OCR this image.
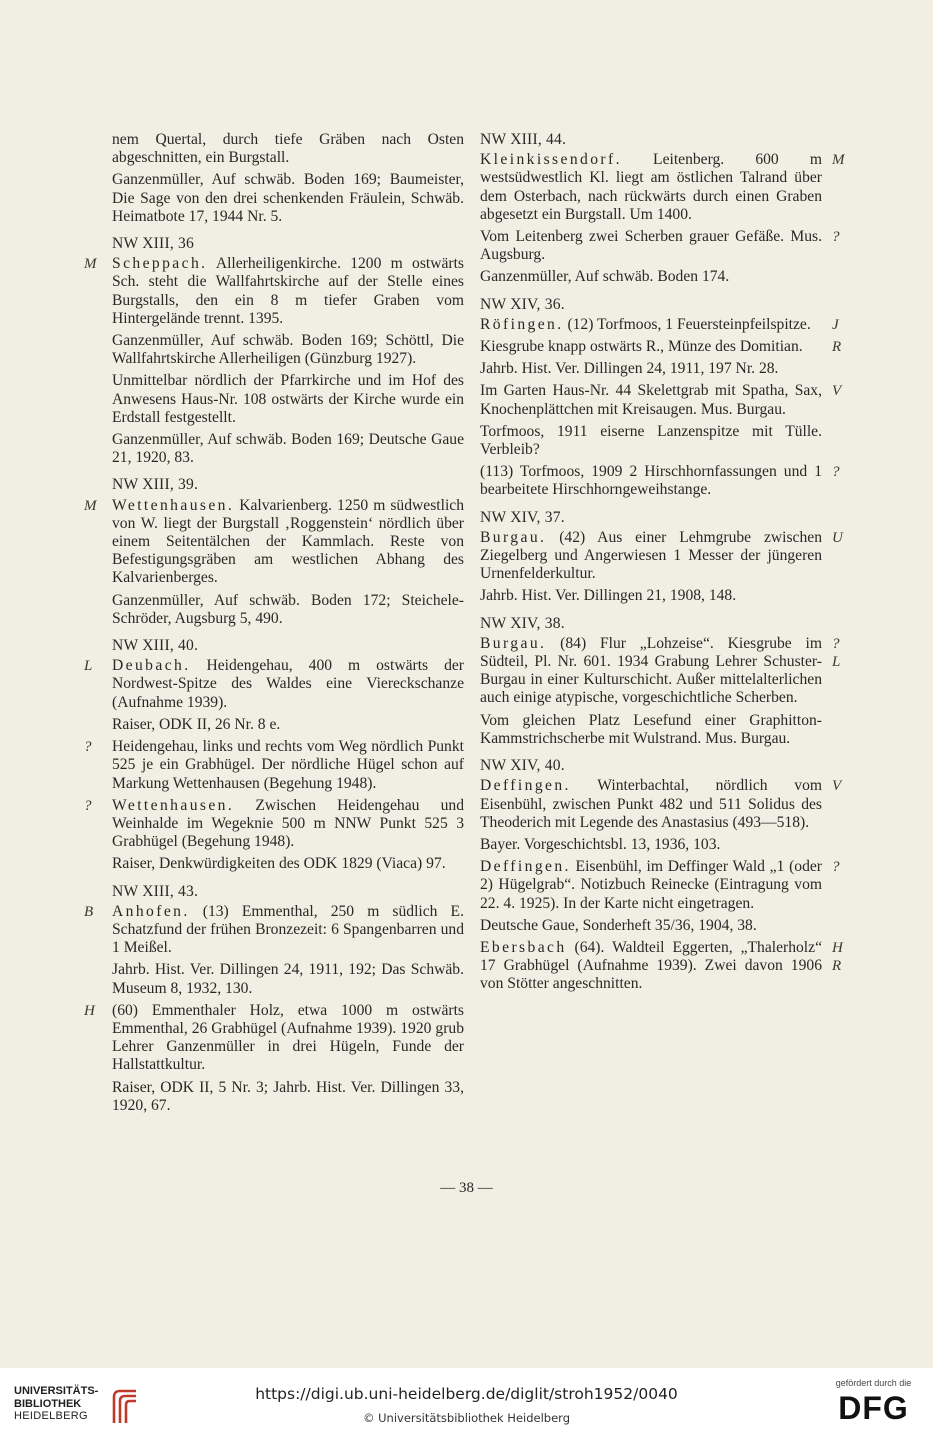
nem Quertal, durch tiefe Gräben nach Osten abgeschnitten, ein Burgstall.

Ganzenmüller, Auf schwäb. Boden 169; Baumeister, Die Sage von den drei schenkenden Fräulein, Schwäb. Heimatbote 17, 1944 Nr. 5.

NW XIII, 36
M Scheppach. Allerheiligenkirche. 1200 m ostwärts Sch. steht die Wallfahrtskirche auf der Stelle eines Burgstalls, den ein 8 m tiefer Graben vom Hintergelände trennt. 1395.

Ganzenmüller, Auf schwäb. Boden 169; Schöttl, Die Wallfahrtskirche Allerheiligen (Günzburg 1927).

Unmittelbar nördlich der Pfarrkirche und im Hof des Anwesens Haus-Nr. 108 ostwärts der Kirche wurde ein Erdstall festgestellt.

Ganzenmüller, Auf schwäb. Boden 169; Deutsche Gaue 21, 1920, 83.

NW XIII, 39.
M Wettenhausen. Kalvarienberg. 1250 m südwestlich von W. liegt der Burgstall ‚Roggenstein‘ nördlich über einem Seitentälchen der Kammlach. Reste von Befestigungsgräben am westlichen Abhang des Kalvarienberges.

Ganzenmüller, Auf schwäb. Boden 172; Steichele-Schröder, Augsburg 5, 490.

NW XIII, 40.
L Deubach. Heidengehau, 400 m ostwärts der Nordwest-Spitze des Waldes eine Viereckschanze (Aufnahme 1939).

Raiser, ODK II, 26 Nr. 8 e.

? Heidengehau, links und rechts vom Weg nördlich Punkt 525 je ein Grabhügel. Der nördliche Hügel schon auf Markung Wettenhausen (Begehung 1948).

? Wettenhausen. Zwischen Heidengehau und Weinhalde im Wegeknie 500 m NNW Punkt 525 3 Grabhügel (Begehung 1948).

Raiser, Denkwürdigkeiten des ODK 1829 (Viaca) 97.

NW XIII, 43.
B Anhofen. (13) Emmenthal, 250 m südlich E. Schatzfund der frühen Bronzezeit: 6 Spangenbarren und 1 Meißel.

Jahrb. Hist. Ver. Dillingen 24, 1911, 192; Das Schwäb. Museum 8, 1932, 130.

H (60) Emmenthaler Holz, etwa 1000 m ostwärts Emmenthal, 26 Grabhügel (Aufnahme 1939). 1920 grub Lehrer Ganzenmüller in drei Hügeln, Funde der Hallstattkultur.

Raiser, ODK II, 5 Nr. 3; Jahrb. Hist. Ver. Dillingen 33, 1920, 67.

NW XIII, 44.
M

Kleinkissendorf. Leitenberg. 600 m westsüdwestlich Kl. liegt am östlichen Talrand über dem Osterbach, nach rückwärts durch einen Graben abgesetzt ein Burgstall. Um 1400.

?

Vom Leitenberg zwei Scherben grauer Gefäße. Mus. Augsburg.

Ganzenmüller, Auf schwäb. Boden 174.

NW XIV, 36.
J

Röfingen. (12) Torfmoos, 1 Feuersteinpfeilspitze.

R

Kiesgrube knapp ostwärts R., Münze des Domitian.

Jahrb. Hist. Ver. Dillingen 24, 1911, 197 Nr. 28.

V

Im Garten Haus-Nr. 44 Skelettgrab mit Spatha, Sax, Knochenplättchen mit Kreisaugen. Mus. Burgau.

Torfmoos, 1911 eiserne Lanzenspitze mit Tülle. Verbleib?

?

(113) Torfmoos, 1909 2 Hirschhornfassungen und 1 bearbeitete Hirschhorngeweihstange.

NW XIV, 37.
U

Burgau. (42) Aus einer Lehmgrube zwischen Ziegelberg und Angerwiesen 1 Messer der jüngeren Urnenfelderkultur.

Jahrb. Hist. Ver. Dillingen 21, 1908, 148.

NW XIV, 38.
?L

Burgau. (84) Flur „Lohzeise“. Kiesgrube im Südteil, Pl. Nr. 601. 1934 Grabung Lehrer Schuster-Burgau in einer Kulturschicht. Außer mittelalterlichen auch einige atypische, vorgeschichtliche Scherben.

Vom gleichen Platz Lesefund einer Graphitton-Kammstrichscherbe mit Wulstrand. Mus. Burgau.

NW XIV, 40.
V

Deffingen. Winterbachtal, nördlich vom Eisenbühl, zwischen Punkt 482 und 511 Solidus des Theoderich mit Legende des Anastasius (493—518).

Bayer. Vorgeschichtsbl. 13, 1936, 103.

?

Deffingen. Eisenbühl, im Deffinger Wald „1 (oder 2) Hügelgrab“. Notizbuch Reinecke (Eintragung vom 22. 4. 1925). In der Karte nicht eingetragen.

Deutsche Gaue, Sonderheft 35/36, 1904, 38.

H R

Ebersbach (64). Waldteil Eggerten, „Thalerholz“ 17 Grabhügel (Aufnahme 1939). Zwei davon 1906 von Stötter angeschnitten.

— 38 —
UNIVERSITÄTS-
BIBLIOTHEK
HEIDELBERG
https://digi.ub.uni-heidelberg.de/diglit/stroh1952/0040
© Universitätsbibliothek Heidelberg
gefördert durch die
DFG
